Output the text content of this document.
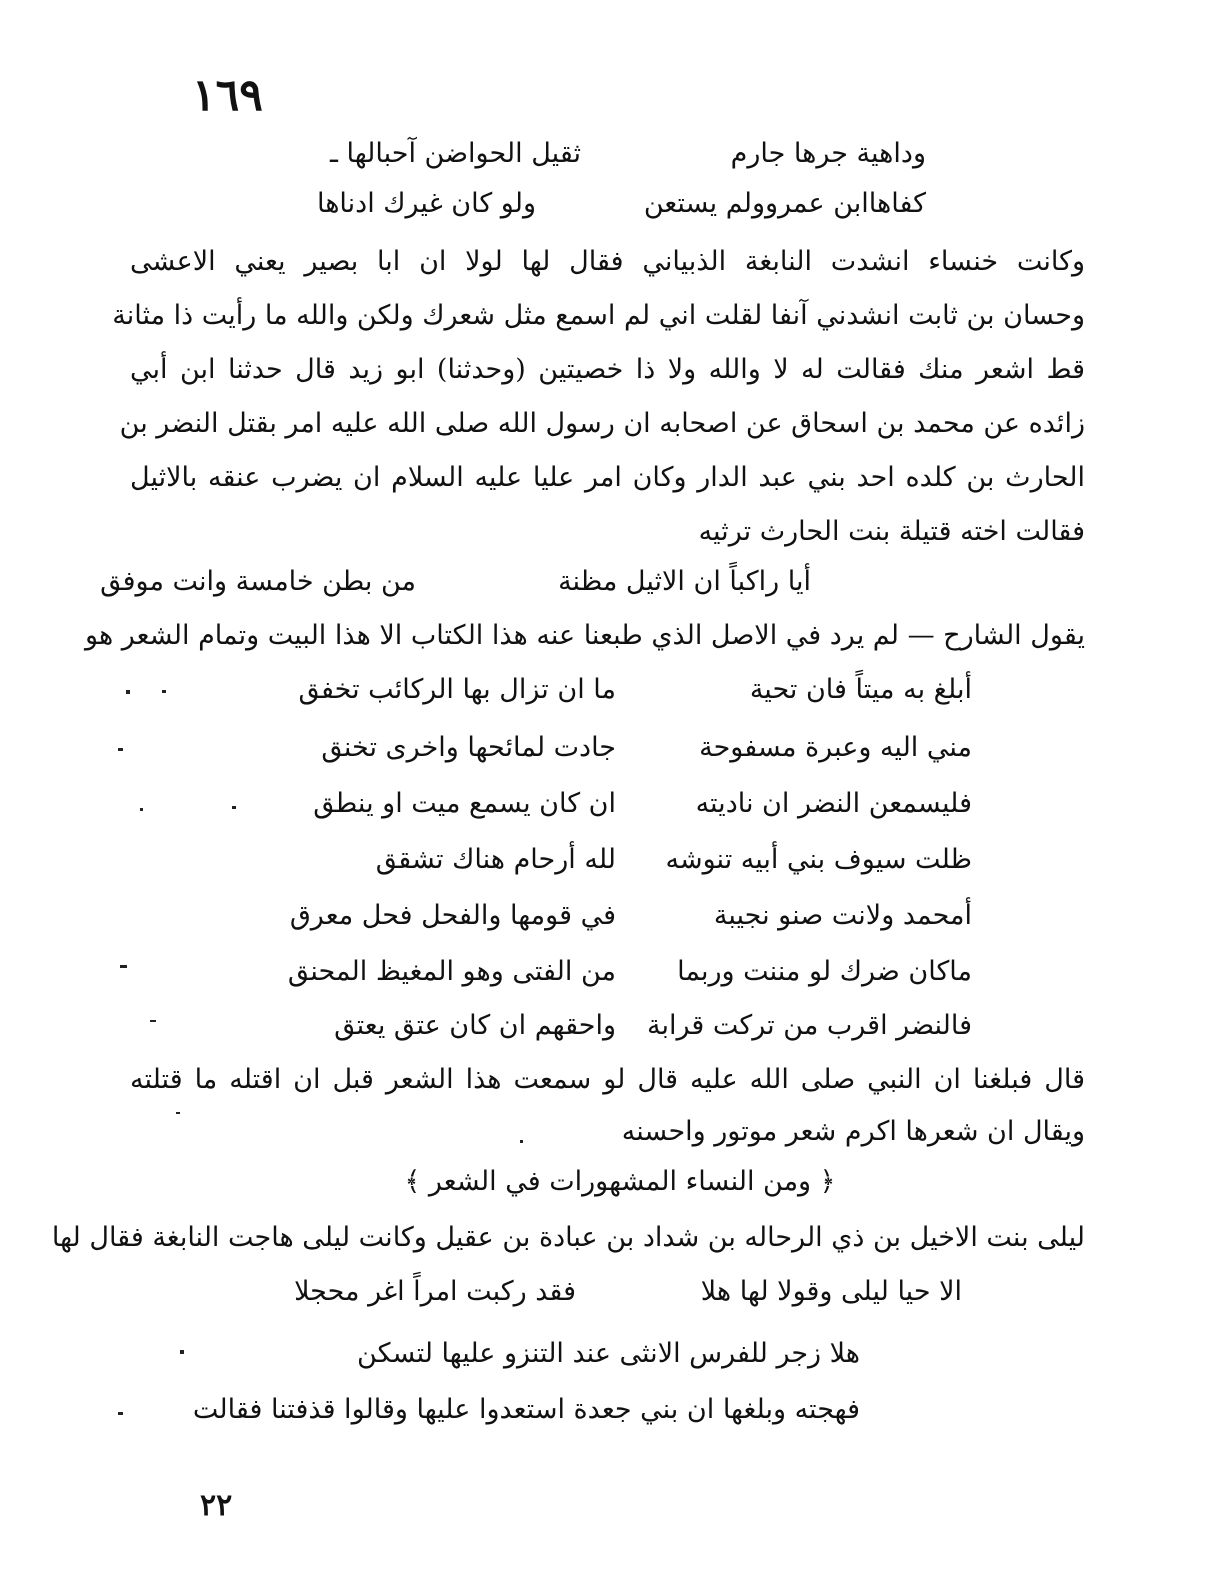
١٦٩
وداهية جرها جارم
ثقيل الحواضن آحبالها ـ
كفاهاابن عمروولم يستعن
ولو كان غيرك ادناها
وكانت خنساء انشدت النابغة الذبياني فقال لها لولا ان ابا بصير يعني الاعشى
وحسان بن ثابت انشدني آنفا لقلت اني لم اسمع مثل شعرك ولكن والله ما رأيت ذا مثانة
قط اشعر منك فقالت له لا والله ولا ذا خصيتين (وحدثنا) ابو زيد قال حدثنا ابن أبي
زائده عن محمد بن اسحاق عن اصحابه ان رسول الله صلى الله عليه امر بقتل النضر بن
الحارث بن كلده احد بني عبد الدار وكان امر عليا عليه السلام ان يضرب عنقه بالاثيل
فقالت اخته قتيلة بنت الحارث ترثيه
أيا راكباً ان الاثيل مظنة
من بطن خامسة وانت موفق
يقول الشارح — لم يرد في الاصل الذي طبعنا عنه هذا الكتاب الا هذا البيت وتمام الشعر هو
أبلغ به ميتاً فان تحية
ما ان تزال بها الركائب تخفق
مني اليه وعبرة مسفوحة
جادت لمائحها واخرى تخنق
فليسمعن النضر ان ناديته
ان كان يسمع ميت او ينطق
ظلت سيوف بني أبيه تنوشه
لله أرحام هناك تشقق
أمحمد ولانت صنو نجيبة
في قومها والفحل فحل معرق
ماكان ضرك لو مننت وربما
من الفتى وهو المغيظ المحنق
فالنضر اقرب من تركت قرابة
واحقهم ان كان عتق يعتق
قال فبلغنا ان النبي صلى الله عليه قال لو سمعت هذا الشعر قبل ان اقتله ما قتلته
ويقال ان شعرها اكرم شعر موتور واحسنه
﴿ ومن النساء المشهورات في الشعر ﴾
ليلى بنت الاخيل بن ذي الرحاله بن شداد بن عبادة بن عقيل وكانت ليلى هاجت النابغة فقال لها
الا حيا ليلى وقولا لها هلا
فقد ركبت امراً اغر محجلا
هلا زجر للفرس الانثى عند التنزو عليها لتسكن
فهجته وبلغها ان بني جعدة استعدوا عليها وقالوا قذفتنا فقالت
٢٢
